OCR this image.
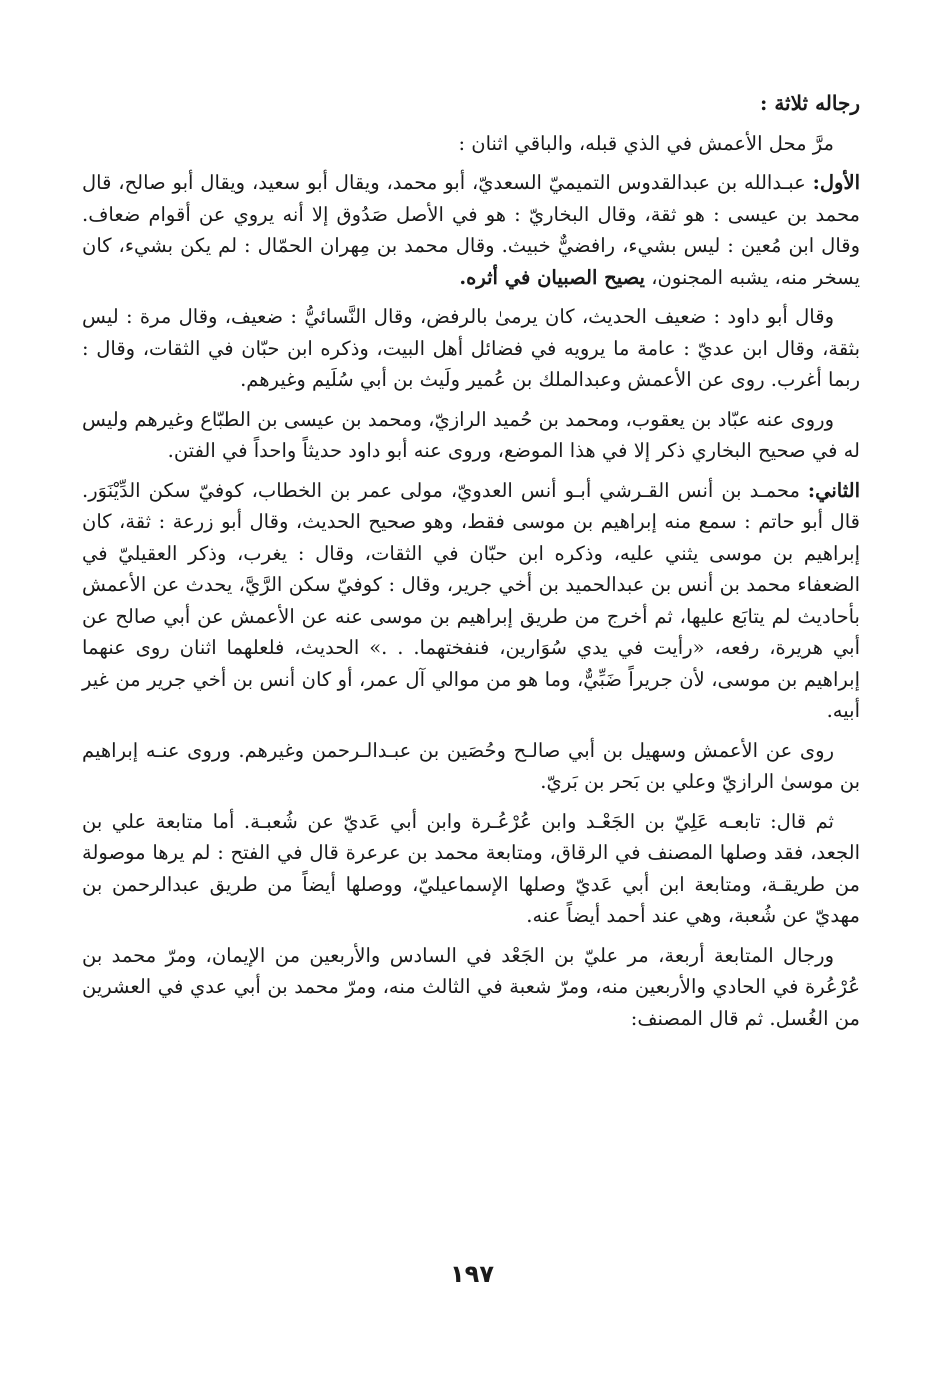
رجاله ثلاثة :

مرَّ محل الأعمش في الذي قبله، والباقي اثنان :

الأول: عبـدالله بن عبدالقدوس التميميّ السعديّ، أبو محمد، ويقال أبو سعيد، ويقال أبو صالح، قال محمد بن عيسى : هو ثقة، وقال البخاريّ : هو في الأصل صَدُوق إلا أنه يروي عن أقوام ضعاف. وقال ابن مُعين : ليس بشيء، رافضيٌّ خبيث. وقال محمد بن مِهران الحمّال : لم يكن بشيء، كان يسخر منه، يشبه المجنون، يصيح الصبيان في أثره.

وقال أبو داود : ضعيف الحديث، كان يرمىٰ بالرفض، وقال النَّسائيُّ : ضعيف، وقال مرة : ليس بثقة، وقال ابن عديّ : عامة ما يرويه في فضائل أهل البيت، وذكره ابن حبّان في الثقات، وقال : ربما أغرب. روى عن الأعمش وعبدالملك بن عُمير ولَيث بن أبي سُلَيم وغيرهم.

وروى عنه عبّاد بن يعقوب، ومحمد بن حُميد الرازيّ، ومحمد بن عيسى بن الطبّاع وغيرهم وليس له في صحيح البخاري ذكر إلا في هذا الموضع، وروى عنه أبو داود حديثاً واحداً في الفتن.

الثاني: محمـد بن أنس القـرشي أبـو أنس العدويّ، مولى عمر بن الخطاب، كوفيّ سكن الدِّيْنَوَر. قال أبو حاتم : سمع منه إبراهيم بن موسى فقط، وهو صحيح الحديث، وقال أبو زرعة : ثقة، كان إبراهيم بن موسى يثني عليه، وذكره ابن حبّان في الثقات، وقال : يغرب، وذكر العقيليّ في الضعفاء محمد بن أنس بن عبدالحميد بن أخي جرير، وقال : كوفيّ سكن الرَّيَّ، يحدث عن الأعمش بأحاديث لم يتابَع عليها، ثم أخرج من طريق إبراهيم بن موسى عنه عن الأعمش عن أبي صالح عن أبي هريرة، رفعه، «رأيت في يدي سُوَارين، فنفختهما. . .» الحديث، فلعلهما اثنان روى عنهما إبراهيم بن موسى، لأن جريراً ضَبِّيٌّ، وما هو من موالي آل عمر، أو كان أنس بن أخي جرير من غير أبيه.

روى عن الأعمش وسهيل بن أبي صالـح وحُصَين بن عبـدالـرحمن وغيرهم. وروى عنـه إبراهيم بن موسىٰ الرازيّ وعلي بن بَحر بن بَريّ.

ثم قال: تابعـه عَلِيّ بن الجَعْـد وابن عُرْعُـرة وابن أبي عَديّ عن شُعبـة. أما متابعة علي بن الجعد، فقد وصلها المصنف في الرقاق، ومتابعة محمد بن عرعرة قال في الفتح : لم يرها موصولة من طريقـة، ومتابعة ابن أبي عَديّ وصلها الإسماعيليّ، ووصلها أيضاً من طريق عبدالرحمن بن مهديّ عن شُعبة، وهي عند أحمد أيضاً عنه.

ورجال المتابعة أربعة، مر عليّ بن الجَعْد في السادس والأربعين من الإيمان، ومرّ محمد بن عُرْعُرة في الحادي والأربعين منه، ومرّ شعبة في الثالث منه، ومرّ محمد بن أبي عدي في العشرين من الغُسل. ثم قال المصنف:

١٩٧
